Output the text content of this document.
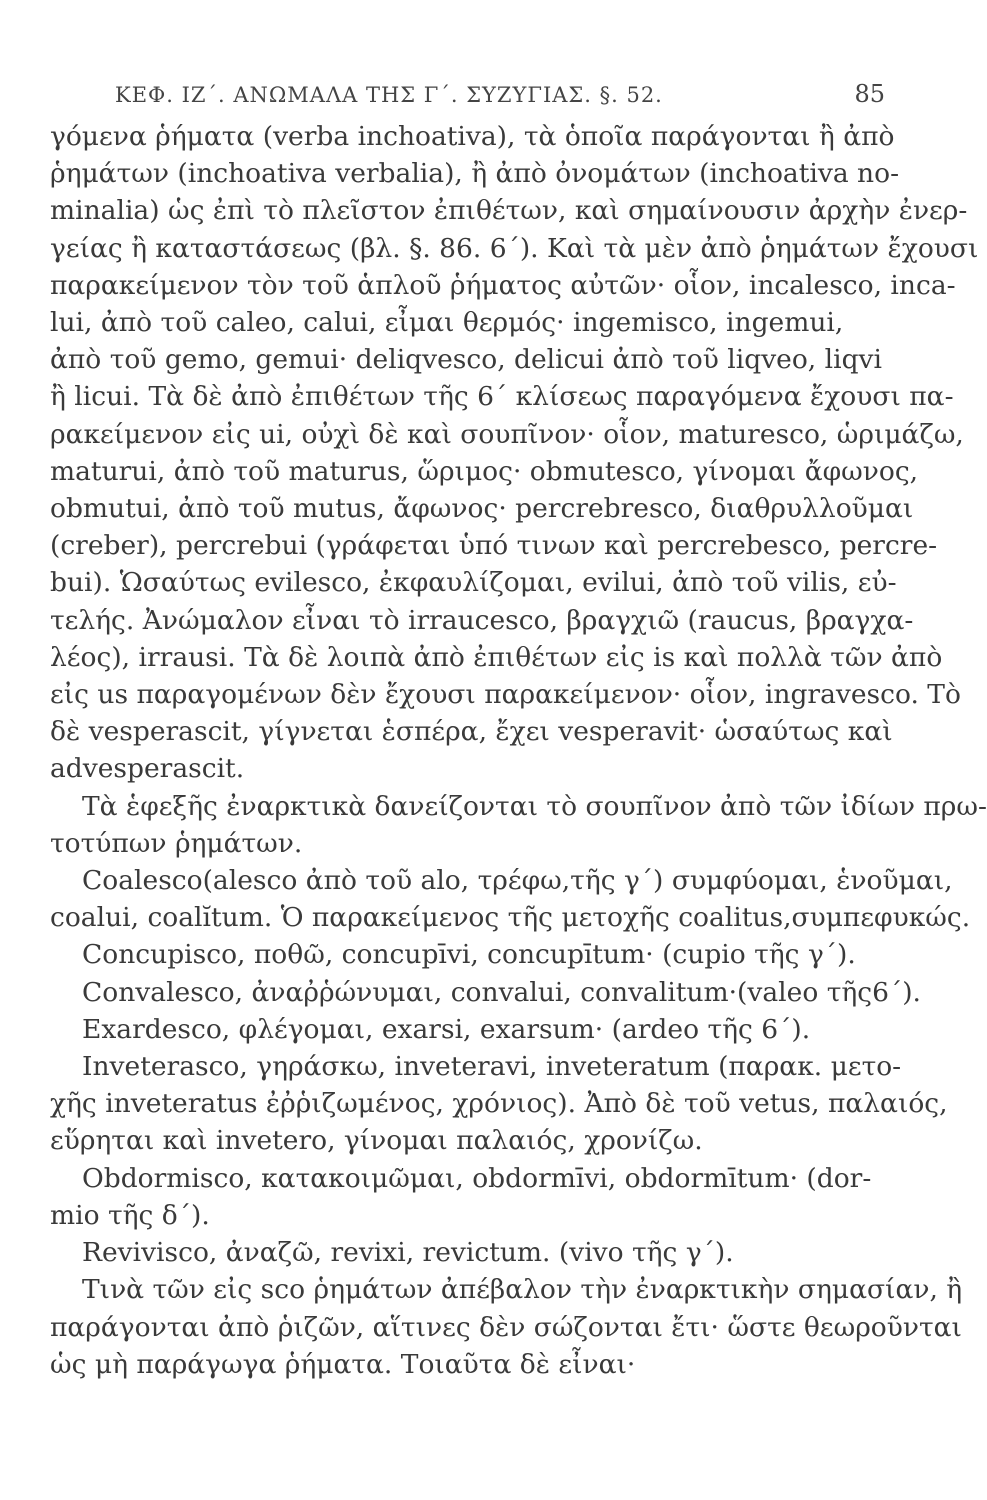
ΚΕΦ. ΙΖ΄. ΑΝΩΜΑΛΑ ΤΗΣ Γ΄. ΣΥΖΥΓΙΑΣ. §. 52.	85

γόμενα ῥήματα (verba inchoativa), τὰ ὁποῖα παράγονται ἢ ἀπὸ
ῥημάτων (inchoativa verbalia), ἢ ἀπὸ ὀνομάτων (inchoativa no-
minalia) ὡς ἐπὶ τὸ πλεῖστον ἐπιθέτων, καὶ σημαίνουσιν ἀρχὴν ἐνερ-
γείας ἢ καταστάσεως (βλ. §. 86. 6΄). Καὶ τὰ μὲν ἀπὸ ῥημάτων ἔχουσι
παρακείμενον τὸν τοῦ ἁπλοῦ ῥήματος αὐτῶν· οἷον, incalesco, inca-
lui, ἀπὸ τοῦ caleo, calui, εἶμαι θερμός· ingemisco, ingemui,
ἀπὸ τοῦ gemo, gemui· deliqvesco, delicui ἀπὸ τοῦ liqveo, liqvi
ἢ licui. Τὰ δὲ ἀπὸ ἐπιθέτων τῆς 6΄ κλίσεως παραγόμενα ἔχουσι πα-
ρακείμενον εἰς ui, οὐχὶ δὲ καὶ σουπῖνον· οἷον, maturesco, ὡριμάζω,
maturui, ἀπὸ τοῦ maturus, ὥριμος· obmutesco, γίνομαι ἄφωνος,
obmutui, ἀπὸ τοῦ mutus, ἄφωνος· percrebresco, διαθρυλλοῦμαι
(creber), percrebui (γράφεται ὑπό τινων καὶ percrebesco, percre-
bui). Ὡσαύτως evilesco, ἐκφαυλίζομαι, evilui, ἀπὸ τοῦ vilis, εὐ-
τελής. Ἀνώμαλον εἶναι τὸ irraucesco, βραγχιῶ (raucus, βραγχα-
λέος), irrausi. Τὰ δὲ λοιπὰ ἀπὸ ἐπιθέτων εἰς is καὶ πολλὰ τῶν ἀπὸ
εἰς us παραγομένων δὲν ἔχουσι παρακείμενον· οἷον, ingravesco. Τὸ
δὲ vesperascit, γίγνεται ἑσπέρα, ἔχει vesperavit· ὡσαύτως καὶ
advesperascit.

Τὰ ἑφεξῆς ἐναρκτικὰ δανείζονται τὸ σουπῖνον ἀπὸ τῶν ἰδίων πρω-
τοτύπων ῥημάτων.

Coalesco(alesco ἀπὸ τοῦ alo, τρέφω,τῆς γ΄) συμφύομαι, ἑνοῦμαι,
coalui, coalĭtum. Ὁ παρακείμενος τῆς μετοχῆς coalitus,συμπεφυκώς.

Concupisco, ποθῶ, concupīvi, concupītum· (cupio τῆς γ΄).

Convalesco, ἀναῤῥώνυμαι, convalui, convalitum·(valeo τῆς6΄).

Exardesco, φλέγομαι, exarsi, exarsum· (ardeo τῆς 6΄).

Inveterasco, γηράσκω, inveteravi, inveteratum (παρακ. μετο-
χῆς inveteratus ἐῤῥιζωμένος, χρόνιος). Ἀπὸ δὲ τοῦ vetus, παλαιός,
εὕρηται καὶ invetero, γίνομαι παλαιός, χρονίζω.

Obdormisco, κατακοιμῶμαι, obdormīvi, obdormītum· (dor-
mio τῆς δ΄).

Revivisco, ἀναζῶ, revixi, revictum. (vivo τῆς γ΄).

Τινὰ τῶν εἰς sco ῥημάτων ἀπέβαλον τὴν ἐναρκτικὴν σημασίαν, ἢ
παράγονται ἀπὸ ῥιζῶν, αἵτινες δὲν σώζονται ἔτι· ὥστε θεωροῦνται
ὡς μὴ παράγωγα ῥήματα. Τοιαῦτα δὲ εἶναι·
